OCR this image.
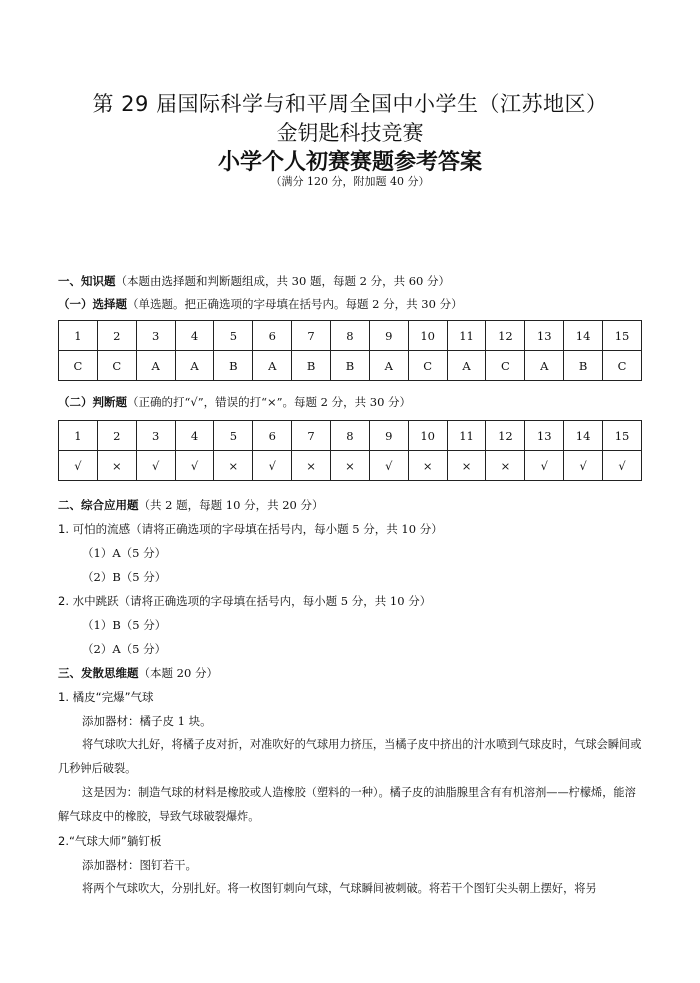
第 29 届国际科学与和平周全国中小学生（江苏地区）
金钥匙科技竞赛
小学个人初赛赛题参考答案
（满分 120 分，附加题 40 分）
一、知识题（本题由选择题和判断题组成，共 30 题，每题 2 分，共 60 分）
（一）选择题（单选题。把正确选项的字母填在括号内。每题 2 分，共 30 分）
1	2	3	4	5	6	7	8	9	10	11	12	13	14	15
C	C	A	A	B	A	B	B	A	C	A	C	A	B	C
（二）判断题（正确的打“√”，错误的打“×”。每题 2 分，共 30 分）
1	2	3	4	5	6	7	8	9	10	11	12	13	14	15
√	×	√	√	×	√	×	×	√	×	×	×	√	√	√
二、综合应用题（共 2 题，每题 10 分，共 20 分）
1. 可怕的流感（请将正确选项的字母填在括号内，每小题 5 分，共 10 分）
（1）A（5 分）
（2）B（5 分）
2. 水中跳跃（请将正确选项的字母填在括号内，每小题 5 分，共 10 分）
（1）B（5 分）
（2）A（5 分）
三、发散思维题（本题 20 分）
1. 橘皮“完爆”气球
添加器材：橘子皮 1 块。
将气球吹大扎好，将橘子皮对折，对准吹好的气球用力挤压，当橘子皮中挤出的汁水喷到气球皮时，气球会瞬间或几秒钟后破裂。
这是因为：制造气球的材料是橡胶或人造橡胶（塑料的一种）。橘子皮的油脂腺里含有有机溶剂——柠檬烯，能溶解气球皮中的橡胶，导致气球破裂爆炸。
2.“气球大师”躺钉板
添加器材：图钉若干。
将两个气球吹大，分别扎好。将一枚图钉刺向气球，气球瞬间被刺破。将若干个图钉尖头朝上摆好，将另
